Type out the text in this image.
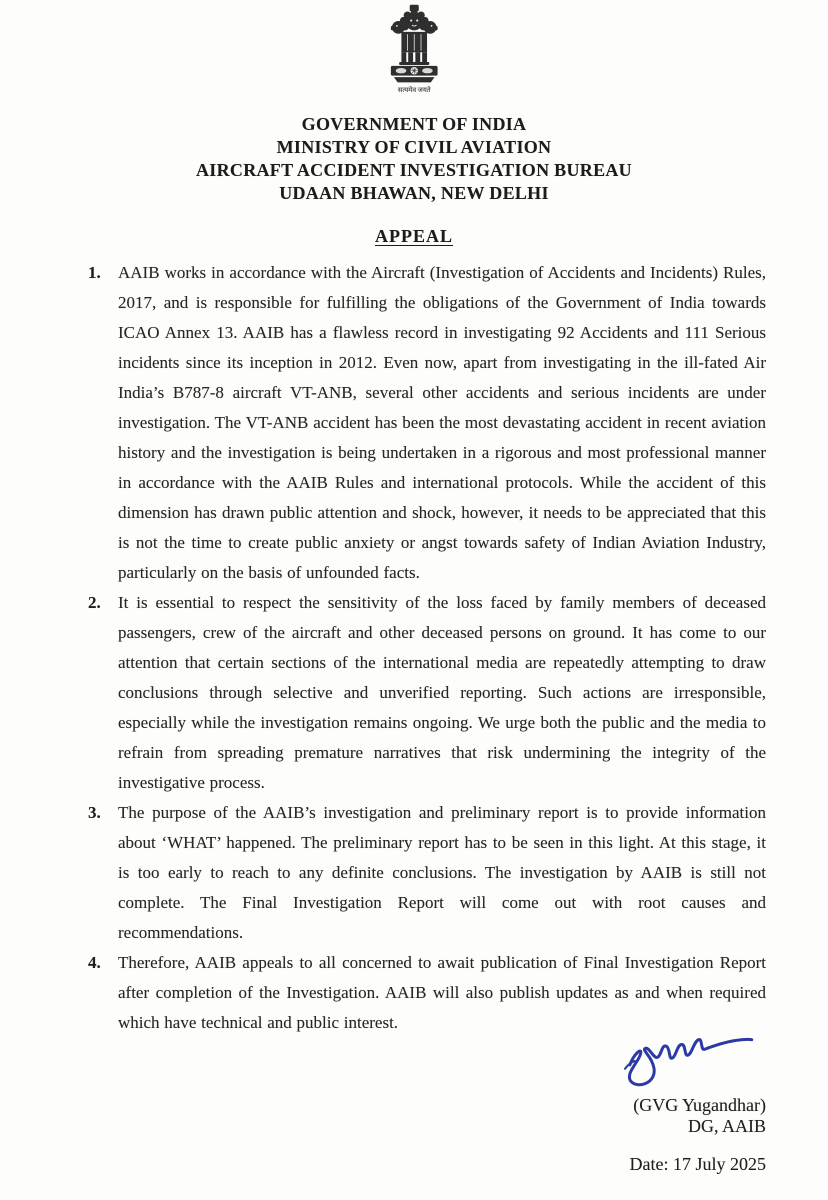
सत्यमेव जयते
GOVERNMENT OF INDIA
MINISTRY OF CIVIL AVIATION
AIRCRAFT ACCIDENT INVESTIGATION BUREAU
UDAAN BHAWAN, NEW DELHI
APPEAL
1.	AAIB works in accordance with the Aircraft (Investigation of Accidents and Incidents) Rules, 2017, and is responsible for fulfilling the obligations of the Government of India towards ICAO Annex 13. AAIB has a flawless record in investigating 92 Accidents and 111 Serious incidents since its inception in 2012. Even now, apart from investigating in the ill-fated Air India’s B787-8 aircraft VT-ANB, several other accidents and serious incidents are under investigation. The VT-ANB accident has been the most devastating accident in recent aviation history and the investigation is being undertaken in a rigorous and most professional manner in accordance with the AAIB Rules and international protocols. While the accident of this dimension has drawn public attention and shock, however, it needs to be appreciated that this is not the time to create public anxiety or angst towards safety of Indian Aviation Industry, particularly on the basis of unfounded facts.
2.	It is essential to respect the sensitivity of the loss faced by family members of deceased passengers, crew of the aircraft and other deceased persons on ground. It has come to our attention that certain sections of the international media are repeatedly attempting to draw conclusions through selective and unverified reporting. Such actions are irresponsible, especially while the investigation remains ongoing. We urge both the public and the media to refrain from spreading premature narratives that risk undermining the integrity of the investigative process.
3.	The purpose of the AAIB’s investigation and preliminary report is to provide information about ‘WHAT’ happened. The preliminary report has to be seen in this light. At this stage, it is too early to reach to any definite conclusions. The investigation by AAIB is still not complete. The Final Investigation Report will come out with root causes and recommendations.
4.	Therefore, AAIB appeals to all concerned to await publication of Final Investigation Report after completion of the Investigation. AAIB will also publish updates as and when required which have technical and public interest.
(GVG Yugandhar)
DG, AAIB
Date: 17 July 2025
